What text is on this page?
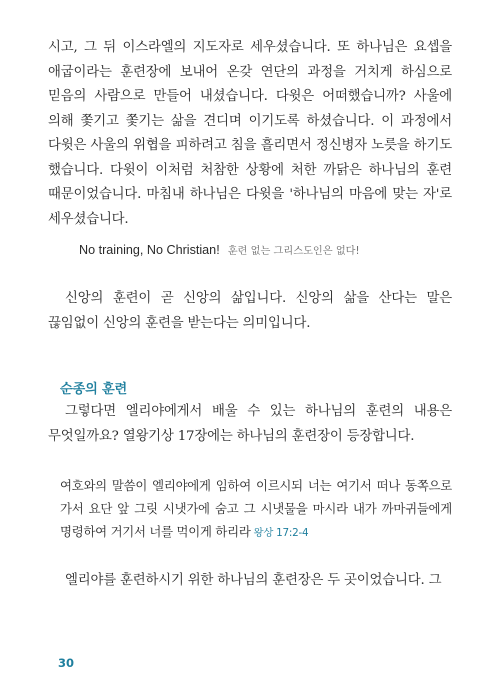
시고, 그 뒤 이스라엘의 지도자로 세우셨습니다. 또 하나님은 요셉을 애굽이라는 훈련장에 보내어 온갖 연단의 과정을 거치게 하심으로 믿음의 사람으로 만들어 내셨습니다. 다윗은 어떠했습니까? 사울에 의해 쫓기고 쫓기는 삶을 견디며 이기도록 하셨습니다. 이 과정에서 다윗은 사울의 위협을 피하려고 침을 흘리면서 정신병자 노릇을 하기도 했습니다. 다윗이 이처럼 처참한 상황에 처한 까닭은 하나님의 훈련 때문이었습니다. 마침내 하나님은 다윗을 '하나님의 마음에 맞는 자'로 세우셨습니다.

No training, No Christian! 훈련 없는 그리스도인은 없다!

신앙의 훈련이 곧 신앙의 삶입니다. 신앙의 삶을 산다는 말은 끊임없이 신앙의 훈련을 받는다는 의미입니다.

순종의 훈련

그렇다면 엘리야에게서 배울 수 있는 하나님의 훈련의 내용은 무엇일까요? 열왕기상 17장에는 하나님의 훈련장이 등장합니다.

여호와의 말씀이 엘리야에게 임하여 이르시되 너는 여기서 떠나 동쪽으로 가서 요단 앞 그릿 시냇가에 숨고 그 시냇물을 마시라 내가 까마귀들에게 명령하여 거기서 너를 먹이게 하리라 왕상 17:2-4

엘리야를 훈련하시기 위한 하나님의 훈련장은 두 곳이었습니다. 그

30
